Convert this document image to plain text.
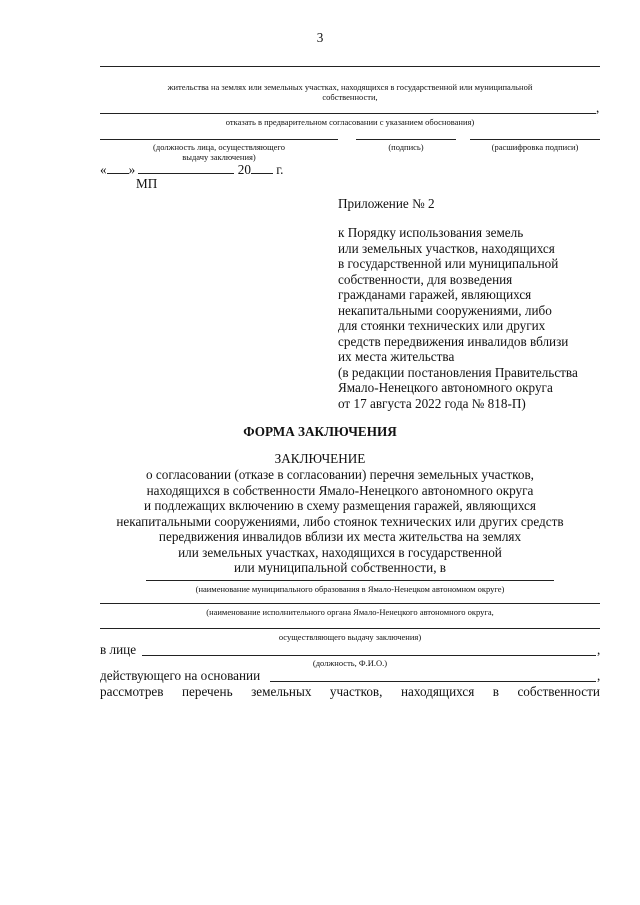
3
жительства на землях или земельных участках, находящихся в государственной или муниципальной
собственности,
,
отказать в предварительном согласовании с указанием обоснования)
(должность лица, осуществляющего
выдачу заключения)
(подпись)	(расшифровка подписи)
« »	20 г.
МП
Приложение № 2
к Порядку использования земель
или земельных участков, находящихся
в государственной или муниципальной
собственности, для возведения
гражданами гаражей, являющихся
некапитальными сооружениями, либо
для стоянки технических или других
средств передвижения инвалидов вблизи
их места жительства
(в редакции постановления Правительства
Ямало-Ненецкого автономного округа
от 17 августа 2022 года № 818-П)
ФОРМА ЗАКЛЮЧЕНИЯ
ЗАКЛЮЧЕНИЕ
о согласовании (отказе в согласовании) перечня земельных участков,
находящихся в собственности Ямало-Ненецкого автономного округа
и подлежащих включению в схему размещения гаражей, являющихся
некапитальными сооружениями, либо стоянок технических или других средств
передвижения инвалидов вблизи их места жительства на землях
или земельных участках, находящихся в государственной
или муниципальной собственности, в
(наименование муниципального образования в Ямало-Ненецком автономном округе)
(наименование исполнительного органа Ямало-Ненецкого автономного округа,
осуществляющего выдачу заключения)
в лице	,
(должность, Ф.И.О.)
действующего на основании	,
рассмотрев перечень земельных участков, находящихся в собственности
